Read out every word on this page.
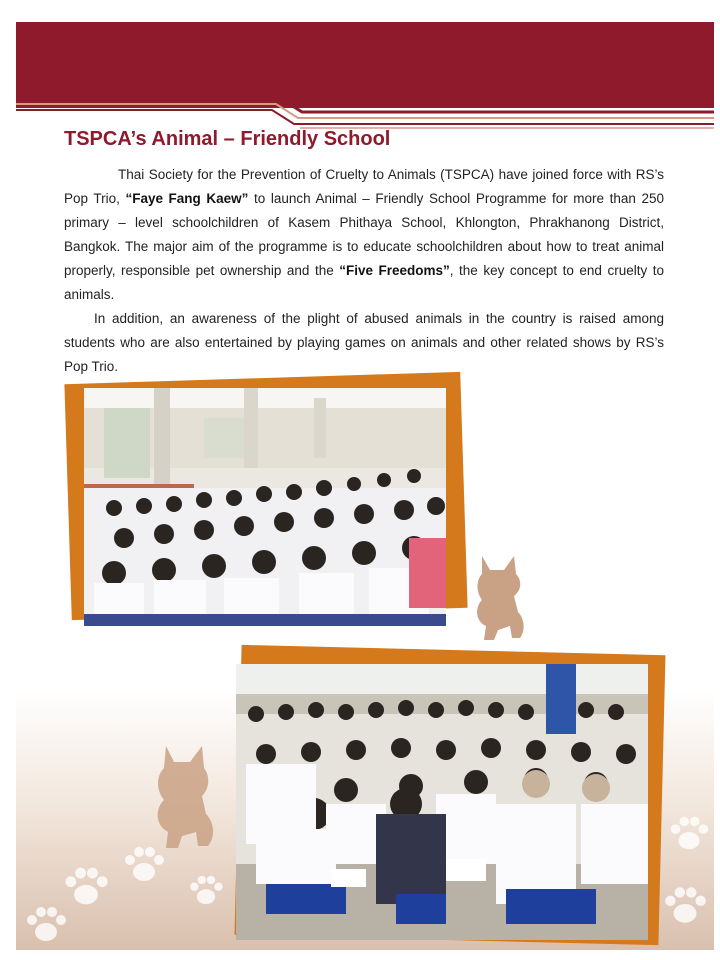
TSPCA’s Animal – Friendly School

Thai Society for the Prevention of Cruelty to Animals (TSPCA) have joined force with RS’s Pop Trio, “Faye Fang Kaew” to launch Animal – Friendly School Programme for more than 250 primary – level schoolchildren of Kasem Phithaya School, Khlongton, Phrakhanong District, Bangkok. The major aim of the programme is to educate schoolchildren about how to treat animal properly, responsible pet ownership and the “Five Freedoms”, the key concept to end cruelty to animals.

In addition, an awareness of the plight of abused animals in the country is raised among students who are also entertained by playing games on animals and other related shows by RS’s Pop Trio.
